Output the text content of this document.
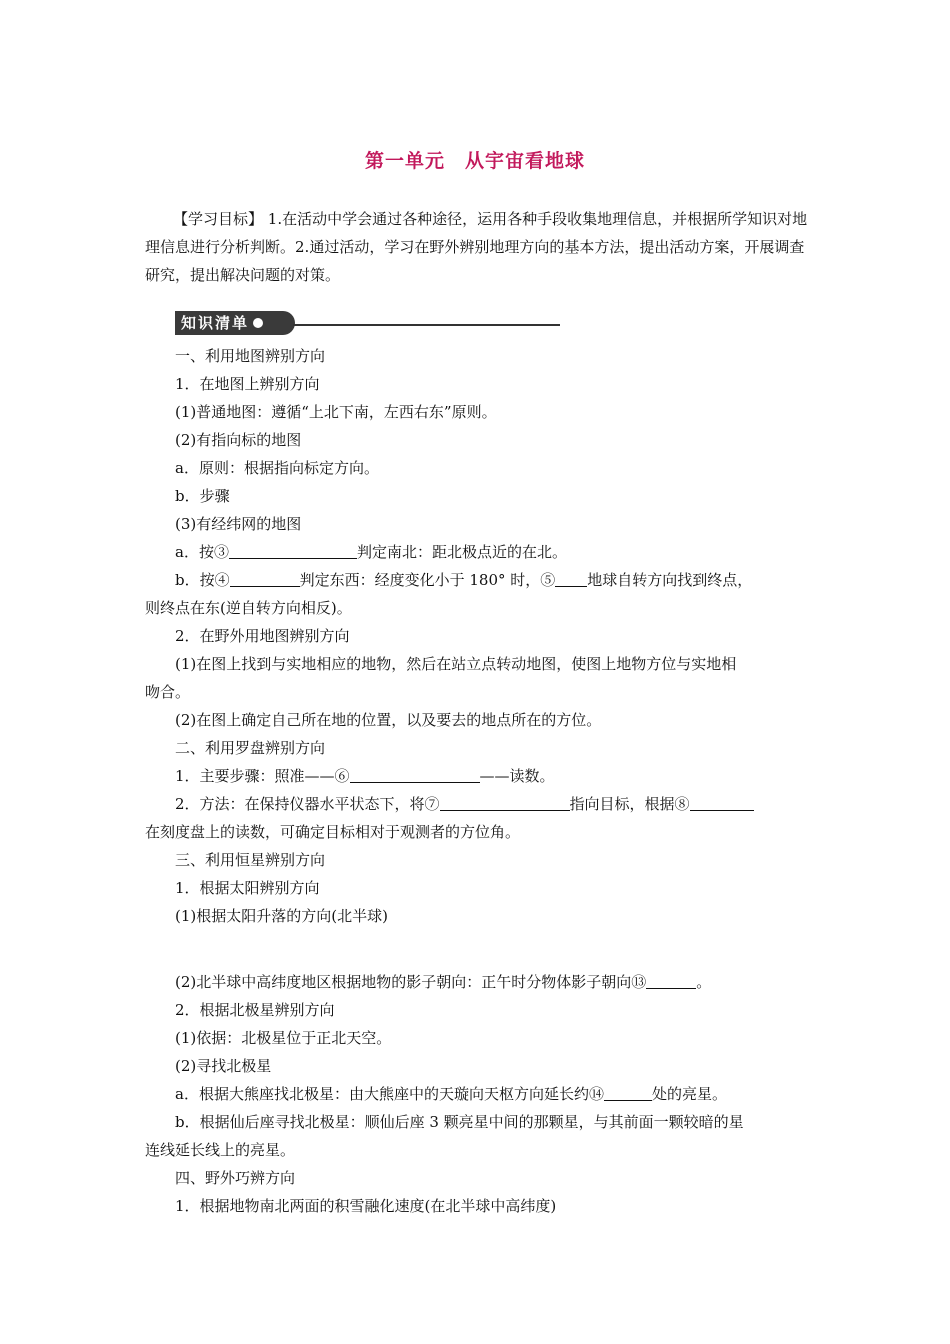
第一单元　从宇宙看地球
【学习目标】 1.在活动中学会通过各种途径，运用各种手段收集地理信息，并根据所学知识对地理信息进行分析判断。2.通过活动，学习在野外辨别地理方向的基本方法，提出活动方案，开展调查研究，提出解决问题的对策。
知识清单
一、利用地图辨别方向
1．在地图上辨别方向
(1)普通地图：遵循“上北下南，左西右东”原则。
(2)有指向标的地图
a．原则：根据指向标定方向。
b．步骤
(3)有经纬网的地图
a．按③	判定南北：距北极点近的在北。
b．按④	判定东西：经度变化小于 180° 时，⑤ 地球自转方向找到终点，
则终点在东(逆自转方向相反)。
2．在野外用地图辨别方向
(1)在图上找到与实地相应的地物，然后在站立点转动地图，使图上地物方位与实地相
吻合。
(2)在图上确定自己所在地的位置，以及要去的地点所在的方位。
二、利用罗盘辨别方向
1．主要步骤：照准——⑥	——读数。
2．方法：在保持仪器水平状态下，将⑦	指向目标，根据⑧
在刻度盘上的读数，可确定目标相对于观测者的方位角。
三、利用恒星辨别方向
1．根据太阳辨别方向
(1)根据太阳升落的方向(北半球)
(2)北半球中高纬度地区根据地物的影子朝向：正午时分物体影子朝向⑬	。
2．根据北极星辨别方向
(1)依据：北极星位于正北天空。
(2)寻找北极星
a．根据大熊座找北极星：由大熊座中的天璇向天枢方向延长约⑭	处的亮星。
b．根据仙后座寻找北极星：顺仙后座 3 颗亮星中间的那颗星，与其前面一颗较暗的星
连线延长线上的亮星。
四、野外巧辨方向
1．根据地物南北两面的积雪融化速度(在北半球中高纬度)
